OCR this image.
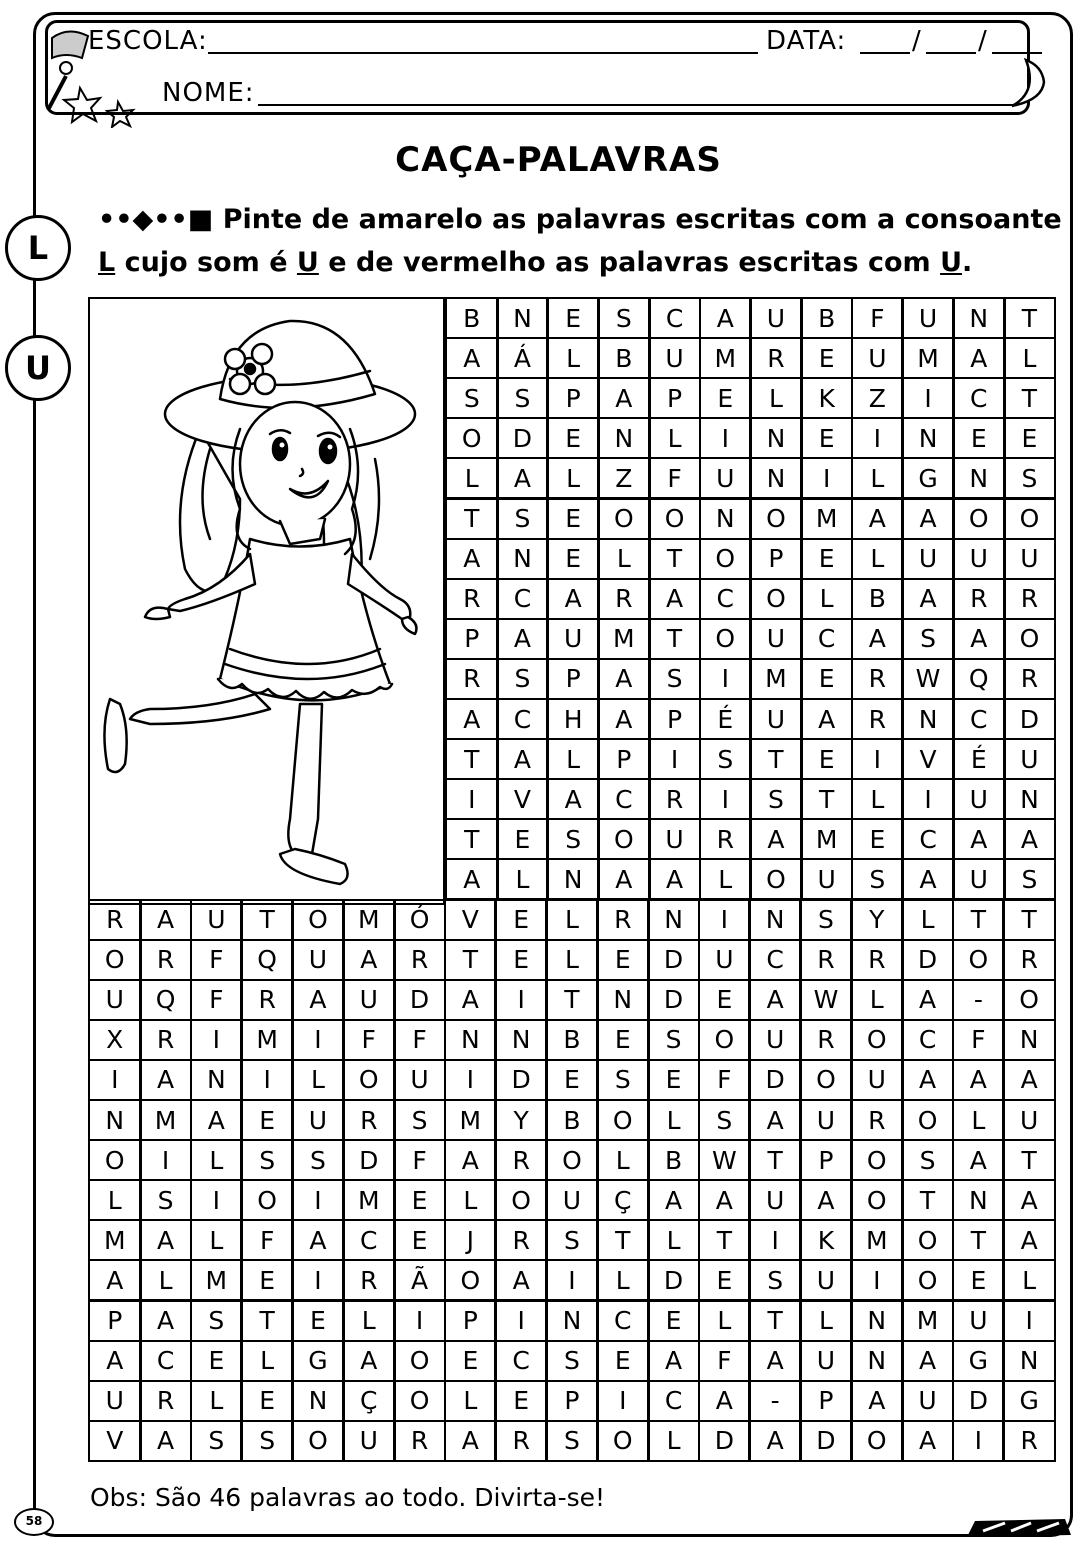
ESCOLA:	DATA:	/ /
NOME:
CAÇA-PALAVRAS
••◆••■ Pinte de amarelo as palavras escritas com a consoante L cujo som é U e de vermelho as palavras escritas com U.
L
U
B	N	E	S	C	A	U	B	F	U	N	T
A	Á	L	B	U	M	R	E	U	M	A	L
S	S	P	A	P	E	L	K	Z	I	C	T
O	D	E	N	L	I	N	E	I	N	E	E
L	A	L	Z	F	U	N	I	L	G	N	S
T	S	E	O	O	N	O	M	A	A	O	O
A	N	E	L	T	O	P	E	L	U	U	U
R	C	A	R	A	C	O	L	B	A	R	R
P	A	U	M	T	O	U	C	A	S	A	O
R	S	P	A	S	I	M	E	R	W	Q	R
A	C	H	A	P	É	U	A	R	N	C	D
T	A	L	P	I	S	T	E	I	V	É	U
I	V	A	C	R	I	S	T	L	I	U	N
T	E	S	O	U	R	A	M	E	C	A	A
A	L	N	A	A	L	O	U	S	A	U	S
R	A	U	T	O	M	Ó	V	E	L	R	N	I	N	S	Y	L	T	T
O	R	F	Q	U	A	R	T	E	L	E	D	U	C	R	R	D	O	R
U	Q	F	R	A	U	D	A	I	T	N	D	E	A	W	L	A	-	O
X	R	I	M	I	F	F	N	N	B	E	S	O	U	R	O	C	F	N
I	A	N	I	L	O	U	I	D	E	S	E	F	D	O	U	A	A	A
N	M	A	E	U	R	S	M	Y	B	O	L	S	A	U	R	O	L	U
O	I	L	S	S	D	F	A	R	O	L	B	W	T	P	O	S	A	T
L	S	I	O	I	M	E	L	O	U	Ç	A	A	U	A	O	T	N	A
M	A	L	F	A	C	E	J	R	S	T	L	T	I	K	M	O	T	A
A	L	M	E	I	R	Ã	O	A	I	L	D	E	S	U	I	O	E	L
P	A	S	T	E	L	I	P	I	N	C	E	L	T	L	N	M	U	I
A	C	E	L	G	A	O	E	C	S	E	A	F	A	U	N	A	G	N
U	R	L	E	N	Ç	O	L	E	P	I	C	A	-	P	A	U	D	G
V	A	S	S	O	U	R	A	R	S	O	L	D	A	D	O	A	I	R
Obs: São 46 palavras ao todo. Divirta-se!
58
